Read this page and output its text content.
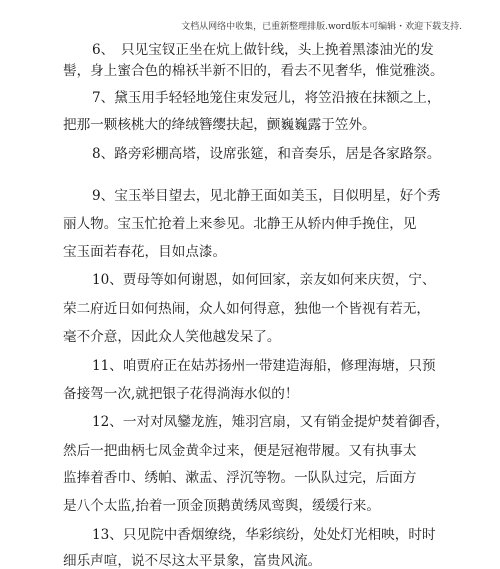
文档从网络中收集，已重新整理排版.word版本可编辑・欢迎下载支持.
6、　只见宝钗正坐在炕上做针线，头上挽着黑漆油光的发
髻，身上蜜合色的棉袄半新不旧的，看去不见奢华，惟觉雅淡。
7、黛玉用手轻轻地笼住束发冠儿，将笠沿掖在抹额之上，
把那一颗核桃大的绛绒簪缨扶起，颤巍巍露于笠外。
8、路旁彩棚高塔，设席张筵，和音奏乐，居是各家路祭。
9、宝玉举目望去，见北静王面如美玉，目似明星，好个秀
丽人物。宝玉忙抢着上来参见。北静王从轿内伸手挽住，见
宝玉面若春花，目如点漆。
10、贾母等如何谢恩，如何回家，亲友如何来庆贺，宁、
荣二府近日如何热闹，众人如何得意，独他一个皆视有若无，
毫不介意，因此众人笑他越发呆了。
11、咱贾府正在姑苏扬州一带建造海船，修理海塘，只预
备接驾一次,就把银子花得淌海水似的！
12、一对对凤鑾龙旌，雉羽宫扇，又有销金提炉焚着御香，
然后一把曲柄七凤金黄伞过来，便是冠袍带履。又有执事太
监捧着香巾、绣帕、漱盂、浮沉等物。一队队过完，后面方
是八个太监,抬着一顶金顶鹅黄绣凤鸾舆，缓缓行来。
13、只见院中香烟缭绕，华彩缤纷，处处灯光相映，时时
细乐声喧，说不尽这太平景象，富贵风流。
